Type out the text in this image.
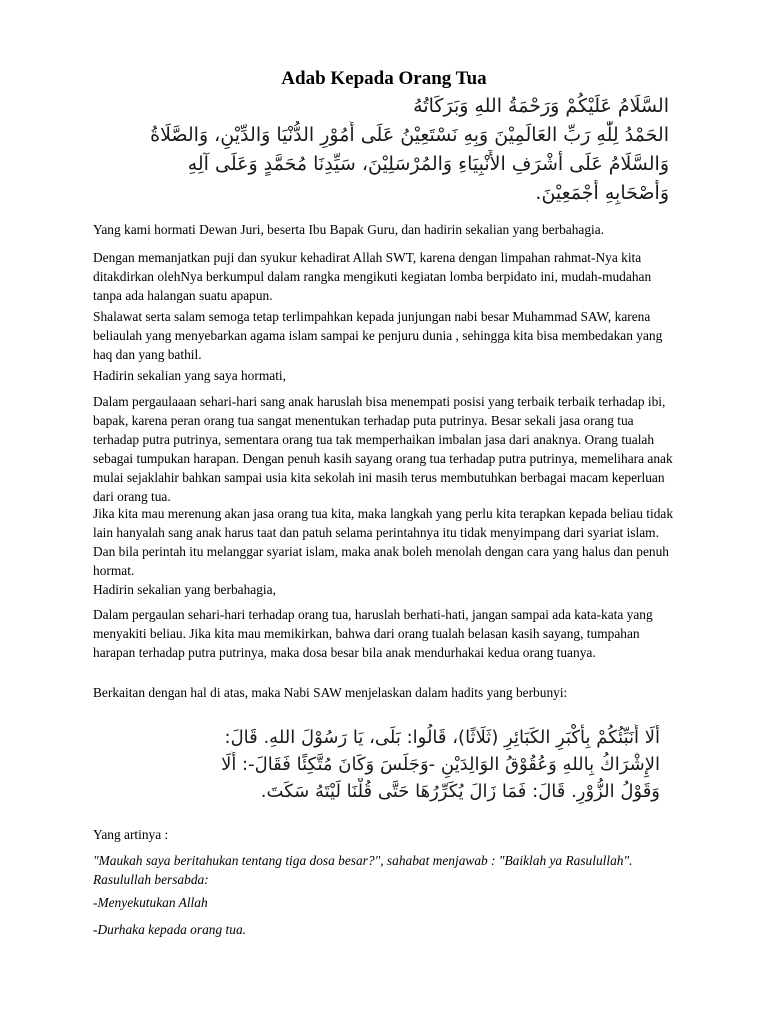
Adab Kepada Orang Tua
السَّلَامُ عَلَيْكُمْ وَرَحْمَةُ اللهِ وَبَرَكَاتُهُ
الحَمْدُ لِلّٰهِ رَبِّ العَالَمِيْنَ وَبِهِ نَسْتَعِيْنُ عَلَى أُمُوْرِ الدُّنْيَا وَالدِّيْنِ، وَالصَّلَاةُ
وَالسَّلَامُ عَلَى أَشْرَفِ الأَنْبِيَاءِ وَالمُرْسَلِيْنَ، سَيِّدِنَا مُحَمَّدٍ وَعَلَى آلِهِ
وَأَصْحَابِهِ أَجْمَعِيْنَ.

Yang kami hormati Dewan Juri, beserta Ibu Bapak Guru, dan hadirin sekalian yang berbahagia.

Dengan memanjatkan puji dan syukur kehadirat Allah SWT, karena dengan limpahan rahmat-Nya kita ditakdirkan olehNya berkumpul dalam rangka mengikuti kegiatan lomba berpidato ini, mudah-mudahan tanpa ada halangan suatu apapun.

Shalawat serta salam semoga tetap terlimpahkan kepada junjungan nabi besar Muhammad SAW, karena beliaulah yang menyebarkan agama islam sampai ke penjuru dunia , sehingga kita bisa membedakan yang haq dan yang bathil.

Hadirin sekalian yang saya hormati,

Dalam pergaulaaan sehari-hari sang anak haruslah bisa menempati posisi yang terbaik terbaik terhadap ibi, bapak, karena peran orang tua sangat menentukan terhadap puta putrinya. Besar sekali jasa orang tua terhadap putra putrinya, sementara orang tua tak memperhaikan imbalan jasa dari anaknya. Orang tualah sebagai tumpukan harapan. Dengan penuh kasih sayang orang tua terhadap putra putrinya, memelihara anak mulai sejaklahir bahkan sampai usia kita sekolah ini masih terus membutuhkan berbagai macam keperluan dari orang tua.

Jika kita mau merenung akan jasa orang tua kita, maka langkah yang perlu kita terapkan kepada beliau tidak lain hanyalah sang anak harus taat dan patuh selama perintahnya itu tidak menyimpang dari syariat islam. Dan bila perintah itu melanggar syariat islam, maka anak boleh menolah dengan cara yang halus dan penuh hormat.

Hadirin sekalian yang berbahagia,

Dalam pergaulan sehari-hari terhadap orang tua, haruslah berhati-hati, jangan sampai ada kata-kata yang menyakiti beliau. Jika kita mau memikirkan, bahwa dari orang tualah belasan kasih sayang, tumpahan harapan terhadap putra putrinya, maka dosa besar bila anak mendurhakai kedua orang tuanya.

Berkaitan dengan hal di atas, maka Nabi SAW menjelaskan dalam hadits yang berbunyi:

أَلَا أُنَبِّئُكُمْ بِأَكْبَرِ الكَبَائِرِ (ثَلَاثًا)، قَالُوا: بَلَى، يَا رَسُوْلَ اللهِ. قَالَ:
الإِشْرَاكُ بِاللهِ وَعُقُوْقُ الوَالِدَيْنِ -وَجَلَسَ وَكَانَ مُتَّكِئًا فَقَالَ-: أَلَا
وَقَوْلُ الزُّوْرِ. قَالَ: فَمَا زَالَ يُكَرِّرُهَا حَتَّى قُلْنَا لَيْتَهُ سَكَتَ.

Yang artinya :

"Maukah saya beritahukan tentang tiga dosa besar?", sahabat menjawab : "Baiklah ya Rasulullah". Rasulullah bersabda:

-Menyekutukan Allah

-Durhaka kepada orang tua.
